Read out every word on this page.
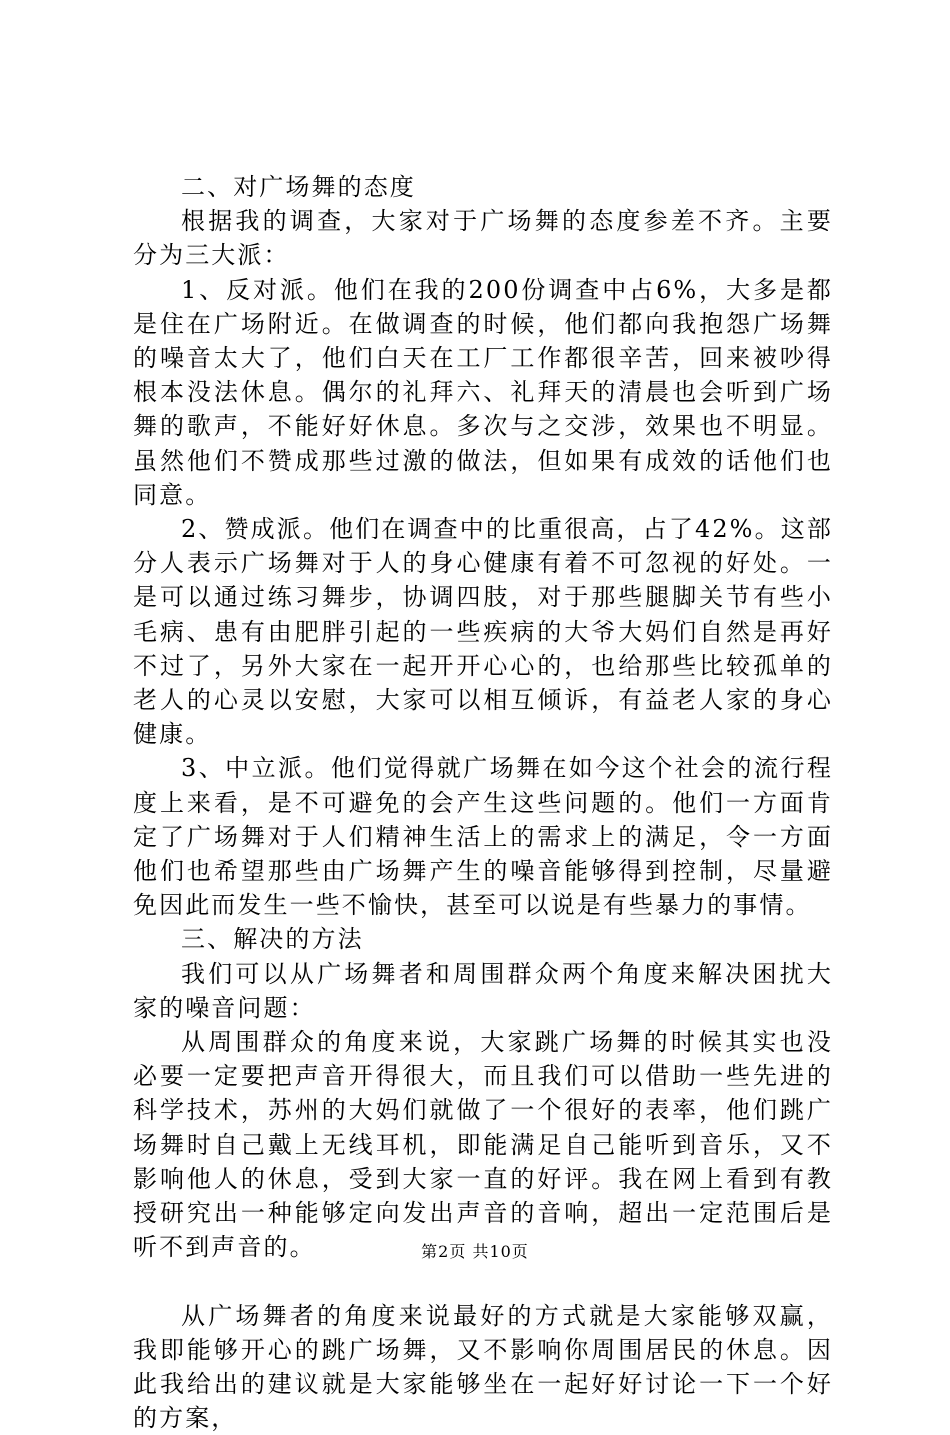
二、对广场舞的态度

根据我的调查，大家对于广场舞的态度参差不齐。主要分为三大派：

1、反对派。他们在我的200份调查中占6%，大多是都是住在广场附近。在做调查的时候，他们都向我抱怨广场舞的噪音太大了，他们白天在工厂工作都很辛苦，回来被吵得根本没法休息。偶尔的礼拜六、礼拜天的清晨也会听到广场舞的歌声，不能好好休息。多次与之交涉，效果也不明显。虽然他们不赞成那些过激的做法，但如果有成效的话他们也同意。

2、赞成派。他们在调查中的比重很高，占了42%。这部分人表示广场舞对于人的身心健康有着不可忽视的好处。一是可以通过练习舞步，协调四肢，对于那些腿脚关节有些小毛病、患有由肥胖引起的一些疾病的大爷大妈们自然是再好不过了，另外大家在一起开开心心的，也给那些比较孤单的老人的心灵以安慰，大家可以相互倾诉，有益老人家的身心健康。

3、中立派。他们觉得就广场舞在如今这个社会的流行程度上来看，是不可避免的会产生这些问题的。他们一方面肯定了广场舞对于人们精神生活上的需求上的满足，令一方面他们也希望那些由广场舞产生的噪音能够得到控制，尽量避免因此而发生一些不愉快，甚至可以说是有些暴力的事情。

三、解决的方法

我们可以从广场舞者和周围群众两个角度来解决困扰大家的噪音问题：

从周围群众的角度来说，大家跳广场舞的时候其实也没必要一定要把声音开得很大，而且我们可以借助一些先进的科学技术，苏州的大妈们就做了一个很好的表率，他们跳广场舞时自己戴上无线耳机，即能满足自己能听到音乐，又不影响他人的休息，受到大家一直的好评。我在网上看到有教授研究出一种能够定向发出声音的音响，超出一定范围后是听不到声音的。

从广场舞者的角度来说最好的方式就是大家能够双赢，我即能够开心的跳广场舞，又不影响你周围居民的休息。因此我给出的建议就是大家能够坐在一起好好讨论一下一个好的方案，

第2页 共10页
